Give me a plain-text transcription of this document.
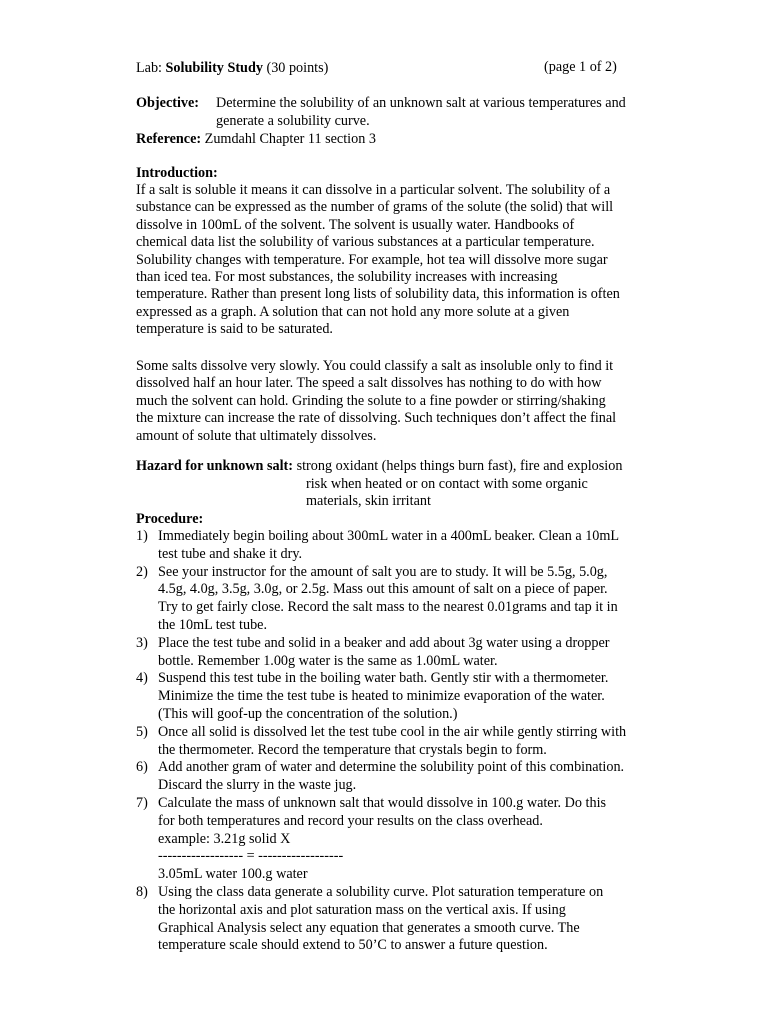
Lab: Solubility Study (30 points)	(page 1 of 2)
Objective: Determine the solubility of an unknown salt at various temperatures and
generate a solubility curve.
Reference: Zumdahl Chapter 11 section 3
Introduction:

If a salt is soluble it means it can dissolve in a particular solvent. The solubility of a

substance can be expressed as the number of grams of the solute (the solid) that will

dissolve in 100mL of the solvent. The solvent is usually water. Handbooks of

chemical data list the solubility of various substances at a particular temperature.

Solubility changes with temperature. For example, hot tea will dissolve more sugar

than iced tea. For most substances, the solubility increases with increasing

temperature. Rather than present long lists of solubility data, this information is often

expressed as a graph. A solution that can not hold any more solute at a given

temperature is said to be saturated.

Some salts dissolve very slowly. You could classify a salt as insoluble only to find it

dissolved half an hour later. The speed a salt dissolves has nothing to do with how

much the solvent can hold. Grinding the solute to a fine powder or stirring/shaking

the mixture can increase the rate of dissolving. Such techniques don’t affect the final

amount of solute that ultimately dissolves.

Hazard for unknown salt: strong oxidant (helps things burn fast), fire and explosion
risk when heated or on contact with some organic
materials, skin irritant
Procedure:
1) Immediately begin boiling about 300mL water in a 400mL beaker. Clean a 10mL

test tube and shake it dry.

2) See your instructor for the amount of salt you are to study. It will be 5.5g, 5.0g,

4.5g, 4.0g, 3.5g, 3.0g, or 2.5g. Mass out this amount of salt on a piece of paper.

Try to get fairly close. Record the salt mass to the nearest 0.01grams and tap it in

the 10mL test tube.

3) Place the test tube and solid in a beaker and add about 3g water using a dropper

bottle. Remember 1.00g water is the same as 1.00mL water.

4) Suspend this test tube in the boiling water bath. Gently stir with a thermometer.

Minimize the time the test tube is heated to minimize evaporation of the water.

(This will goof-up the concentration of the solution.)

5) Once all solid is dissolved let the test tube cool in the air while gently stirring with

the thermometer. Record the temperature that crystals begin to form.

6) Add another gram of water and determine the solubility point of this combination.

Discard the slurry in the waste jug.

7) Calculate the mass of unknown salt that would dissolve in 100.g water. Do this

for both temperatures and record your results on the class overhead.

example: 3.21g solid X

------------------ = ------------------

3.05mL water 100.g water

8) Using the class data generate a solubility curve. Plot saturation temperature on

the horizontal axis and plot saturation mass on the vertical axis. If using

Graphical Analysis select any equation that generates a smooth curve. The

temperature scale should extend to 50’C to answer a future question.
